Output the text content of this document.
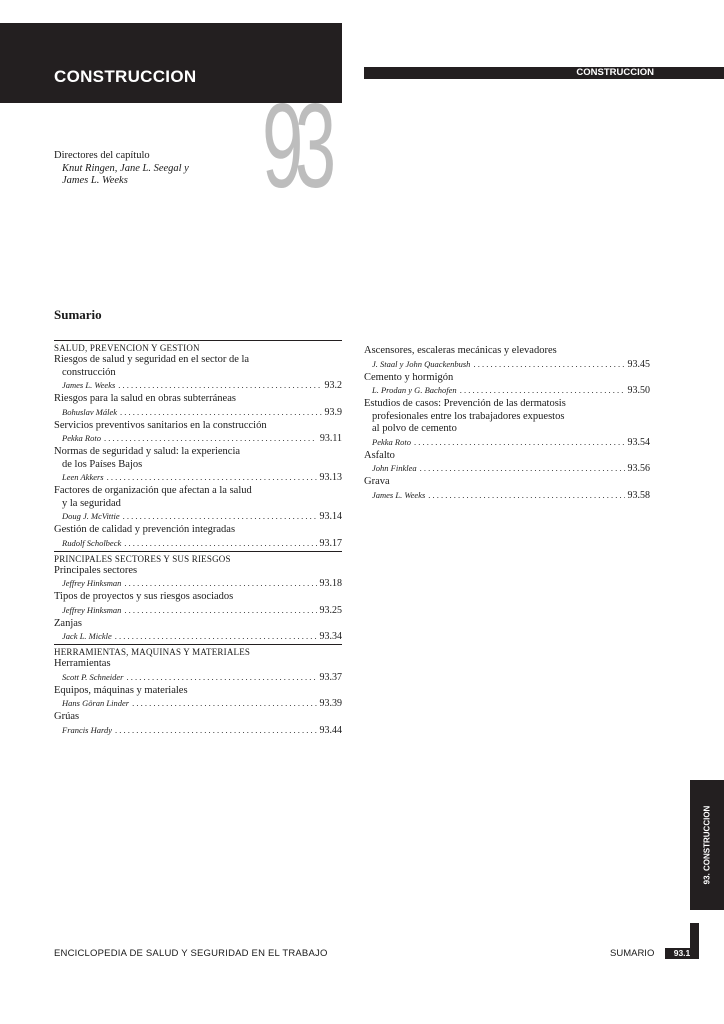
CONSTRUCCION	CONSTRUCCION
93
Directores del capítulo
Knut Ringen, Jane L. Seegal y
James L. Weeks
Sumario
SALUD, PREVENCION Y GESTION
Riesgos de salud y seguridad en el sector de la
construcción
James L. Weeks . . .	93.2
Riesgos para la salud en obras subterráneas
Bohuslav Málek . . .	93.9
Servicios preventivos sanitarios en la construcción
Pekka Roto . . .	93.11
Normas de seguridad y salud: la experiencia
de los Países Bajos
Leen Akkers . . .	93.13
Factores de organización que afectan a la salud
y la seguridad
Doug J. McVittie . . .	93.14
Gestión de calidad y prevención integradas
Rudolf Scholbeck . . .	93.17
PRINCIPALES SECTORES Y SUS RIESGOS
Principales sectores
Jeffrey Hinksman . . .	93.18
Tipos de proyectos y sus riesgos asociados
Jeffrey Hinksman . . .	93.25
Zanjas
Jack L. Mickle . . .	93.34
HERRAMIENTAS, MAQUINAS Y MATERIALES
Herramientas
Scott P. Schneider . . .	93.37
Equipos, máquinas y materiales
Hans Göran Linder . . .	93.39
Grúas
Francis Hardy . . .	93.44
Ascensores, escaleras mecánicas y elevadores
J. Staal y John Quackenbush . . .	93.45
Cemento y hormigón
L. Prodan y G. Bachofen . . .	93.50
Estudios de casos: Prevención de las dermatosis
profesionales entre los trabajadores expuestos
al polvo de cemento
Pekka Roto . . .	93.54
Asfalto
John Finklea . . .	93.56
Grava
James L. Weeks . . .	93.58
93. CONSTRUCCION
ENCICLOPEDIA DE SALUD Y SEGURIDAD EN EL TRABAJO	SUMARIO	93.1
